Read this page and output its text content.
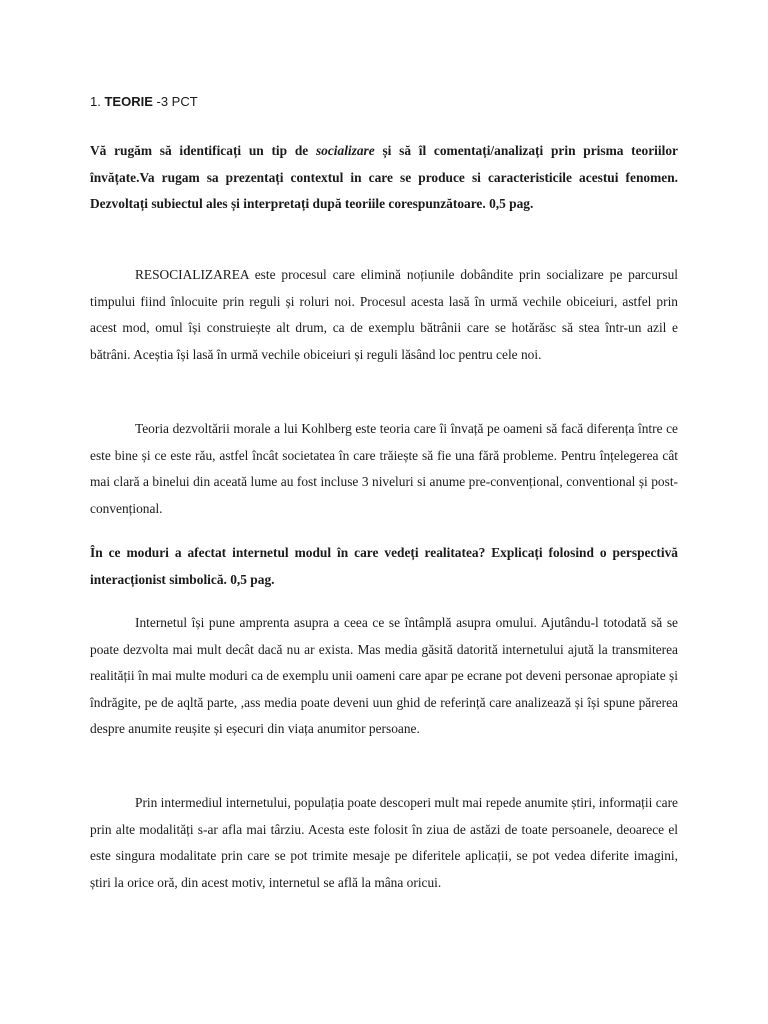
1. TEORIE -3 PCT

Vă rugăm să identificați un tip de socializare și să îl comentați/analizați prin prisma teoriilor învățate.Va rugam sa prezentați contextul in care se produce si caracteristicile acestui fenomen. Dezvoltați subiectul ales și interpretați după teoriile corespunzătoare. 0,5 pag.

RESOCIALIZAREA este procesul care elimină noțiunile dobândite prin socializare pe parcursul timpului fiind înlocuite prin reguli și roluri noi. Procesul acesta lasă în urmă vechile obiceiuri, astfel prin acest mod, omul își construiește alt drum, ca de exemplu bătrânii care se hotărăsc să stea într-un azil e bătrâni. Aceștia își lasă în urmă vechile obiceiuri și reguli lăsând loc pentru cele noi.

Teoria dezvoltării morale a lui Kohlberg este teoria care îi învață pe oameni să facă diferența între ce este bine și ce este rău, astfel încât societatea în care trăiește să fie una fără probleme. Pentru înțelegerea cât mai clară a binelui din aceată lume au fost incluse 3 niveluri si anume pre-convențional, conventional și post-convențional.

În ce moduri a afectat internetul modul în care vedeți realitatea? Explicați folosind o perspectivă interacționist simbolică. 0,5 pag.

Internetul își pune amprenta asupra a ceea ce se întâmplă asupra omului. Ajutându-l totodată să se poate dezvolta mai mult decât dacă nu ar exista. Mas media găsită datorită internetului ajută la transmiterea realității în mai multe moduri ca de exemplu unii oameni care apar pe ecrane pot deveni personae apropiate și îndrăgite, pe de aqltă parte, ,ass media poate deveni uun ghid de referință care analizează și își spune părerea despre anumite reușite și eșecuri din viața anumitor persoane.

Prin intermediul internetului, populația poate descoperi mult mai repede anumite știri, informații care prin alte modalități s-ar afla mai târziu. Acesta este folosit în ziua de astăzi de toate persoanele, deoarece el este singura modalitate prin care se pot trimite mesaje pe diferitele aplicații, se pot vedea diferite imagini, știri la orice oră, din acest motiv, internetul se află la mâna oricui.
